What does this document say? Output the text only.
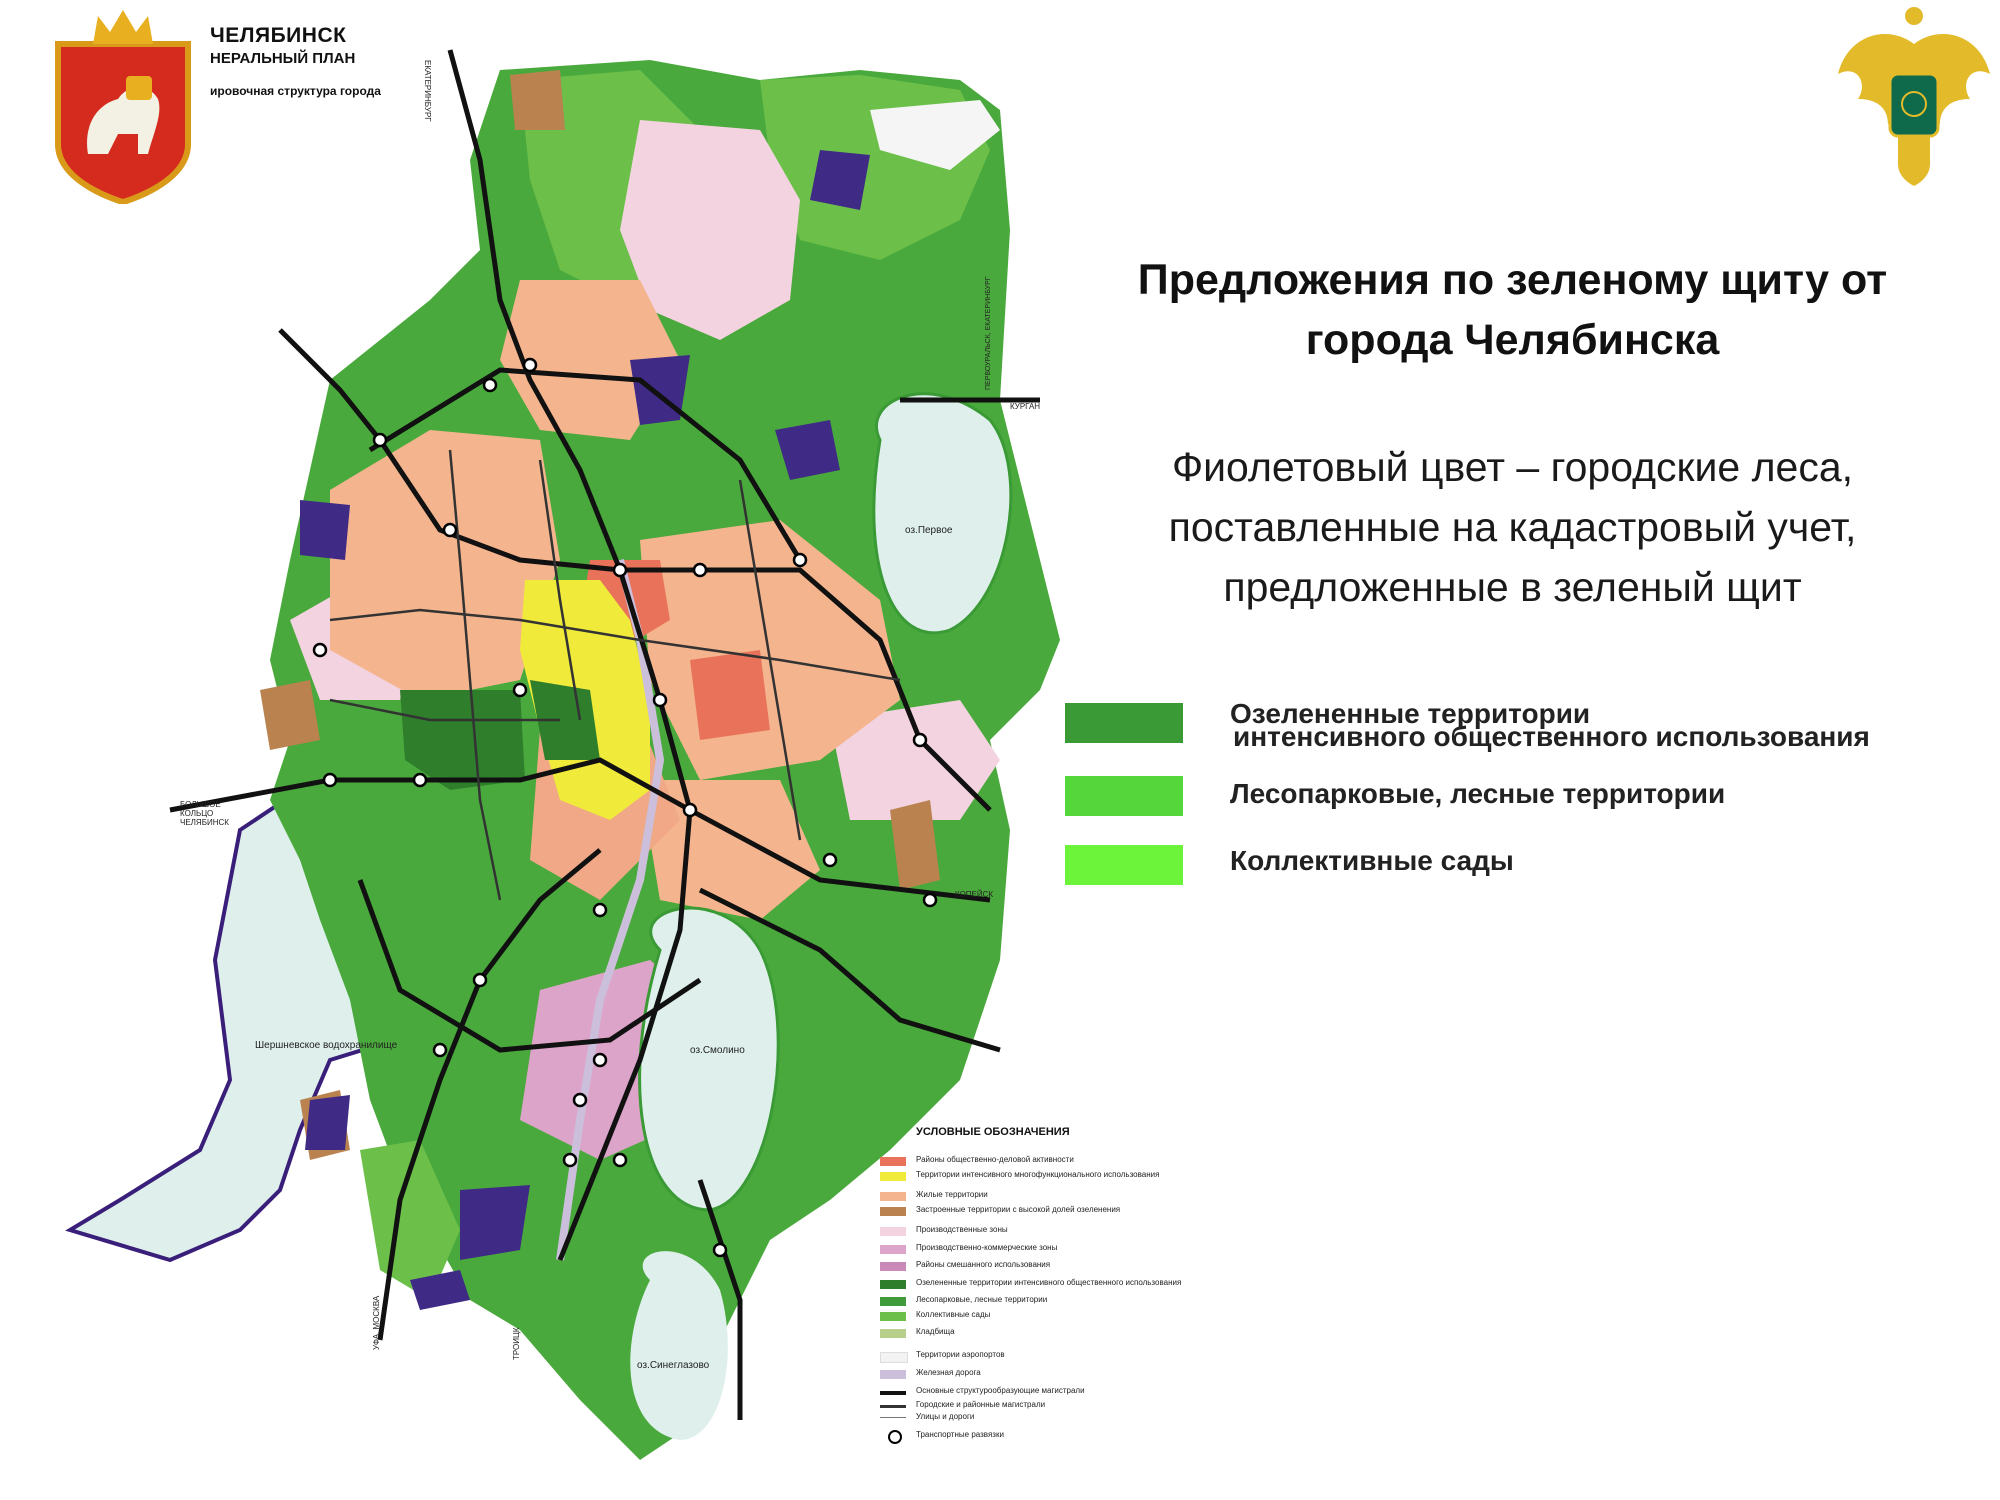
оз.Первое
оз.Смолино
оз.Синеглазово
Шершневское водохранилище
КУРГАН
КОПЕЙСК
БОЛЬШОЕ КОЛЬЦО ЧЕЛЯБИНСК
ЕКАТЕРИНБУРГ
УФА, МОСКВА	ТРОИЦК
ПЕРВОУРАЛЬСК, ЕКАТЕРИНБУРГ
ЧЕЛЯБИНСК
НЕРАЛЬНЫЙ ПЛАН
ировочная структура города
Предложения по зеленому щиту от
города Челябинска
Фиолетовый цвет – городские леса,
поставленные на кадастровый учет,
предложенные в зеленый щит
Озелененные территории
интенсивного общественного использования
Лесопарковые, лесные территории
Коллективные сады
УСЛОВНЫЕ ОБОЗНАЧЕНИЯ
Районы общественно-деловой активности
Территории интенсивного многофункционального использования
Жилые территории
Застроенные территории с высокой долей озеленения
Производственные зоны
Производственно-коммерческие зоны
Районы смешанного использования
Озелененные территории интенсивного общественного использования
Лесопарковые, лесные территории
Коллективные сады
Кладбища
Территории аэропортов
Железная дорога
Основные структурообразующие магистрали
Городские и районные магистрали
Улицы и дороги
Транспортные развязки
